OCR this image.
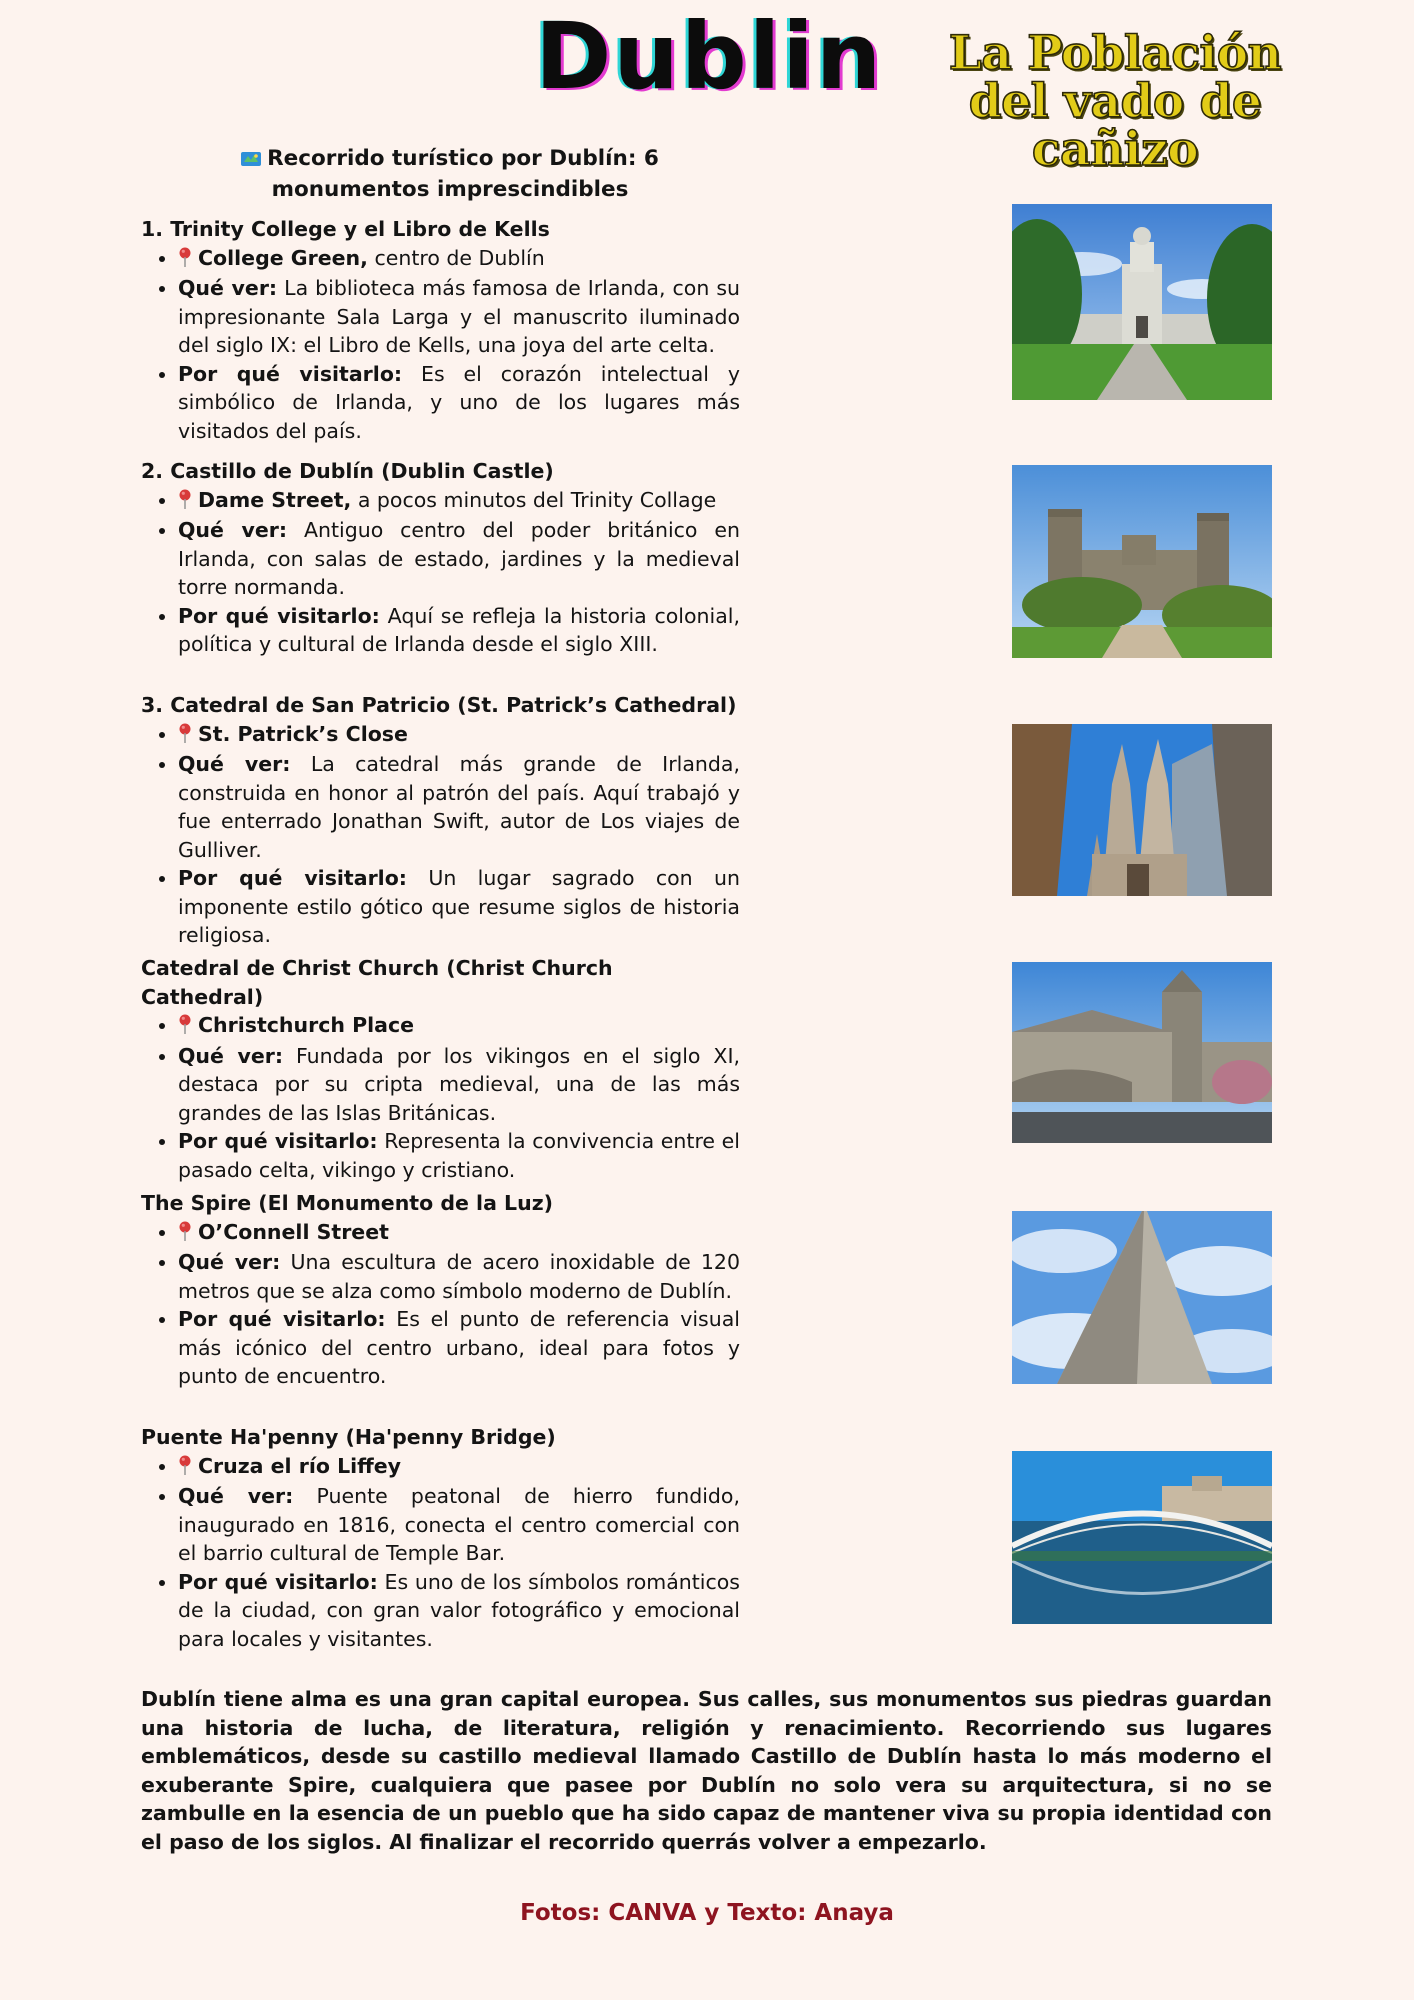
Dublin La Población del vado de cañizo
Recorrido turístico por Dublín: 6 monumentos imprescindibles

1. Trinity College y el Libro de Kells

• College Green, centro de Dublín
• Qué ver: La biblioteca más famosa de Irlanda, con su impresionante Sala Larga y el manuscrito iluminado del siglo IX: el Libro de Kells, una joya del arte celta.
• Por qué visitarlo: Es el corazón intelectual y simbólico de Irlanda, y uno de los lugares más visitados del país.

2. Castillo de Dublín (Dublin Castle)

• Dame Street, a pocos minutos del Trinity Collage
• Qué ver: Antiguo centro del poder británico en Irlanda, con salas de estado, jardines y la medieval torre normanda.
• Por qué visitarlo: Aquí se refleja la historia colonial, política y cultural de Irlanda desde el siglo XIII.

3. Catedral de San Patricio (St. Patrick’s Cathedral)

• St. Patrick’s Close
• Qué ver: La catedral más grande de Irlanda, construida en honor al patrón del país. Aquí trabajó y fue enterrado Jonathan Swift, autor de Los viajes de Gulliver.
• Por qué visitarlo: Un lugar sagrado con un imponente estilo gótico que resume siglos de historia religiosa.

Catedral de Christ Church (Christ Church Cathedral)

• Christchurch Place
• Qué ver: Fundada por los vikingos en el siglo XI, destaca por su cripta medieval, una de las más grandes de las Islas Británicas.
• Por qué visitarlo: Representa la convivencia entre el pasado celta, vikingo y cristiano.

The Spire (El Monumento de la Luz)

• O’Connell Street
• Qué ver: Una escultura de acero inoxidable de 120 metros que se alza como símbolo moderno de Dublín.
• Por qué visitarlo: Es el punto de referencia visual más icónico del centro urbano, ideal para fotos y punto de encuentro.

Puente Ha'penny (Ha'penny Bridge)

• Cruza el río Liffey
• Qué ver: Puente peatonal de hierro fundido, inaugurado en 1816, conecta el centro comercial con el barrio cultural de Temple Bar.
• Por qué visitarlo: Es uno de los símbolos románticos de la ciudad, con gran valor fotográfico y emocional para locales y visitantes.
Dublín tiene alma es una gran capital europea. Sus calles, sus monumentos sus piedras guardan una historia de lucha, de literatura, religión y renacimiento. Recorriendo sus lugares emblemáticos, desde su castillo medieval llamado Castillo de Dublín hasta lo más moderno el exuberante Spire, cualquiera que pasee por Dublín no solo vera su arquitectura, si no se zambulle en la esencia de un pueblo que ha sido capaz de mantener viva su propia identidad con el paso de los siglos. Al finalizar el recorrido querrás volver a empezarlo.
Fotos: CANVA y Texto: Anaya
